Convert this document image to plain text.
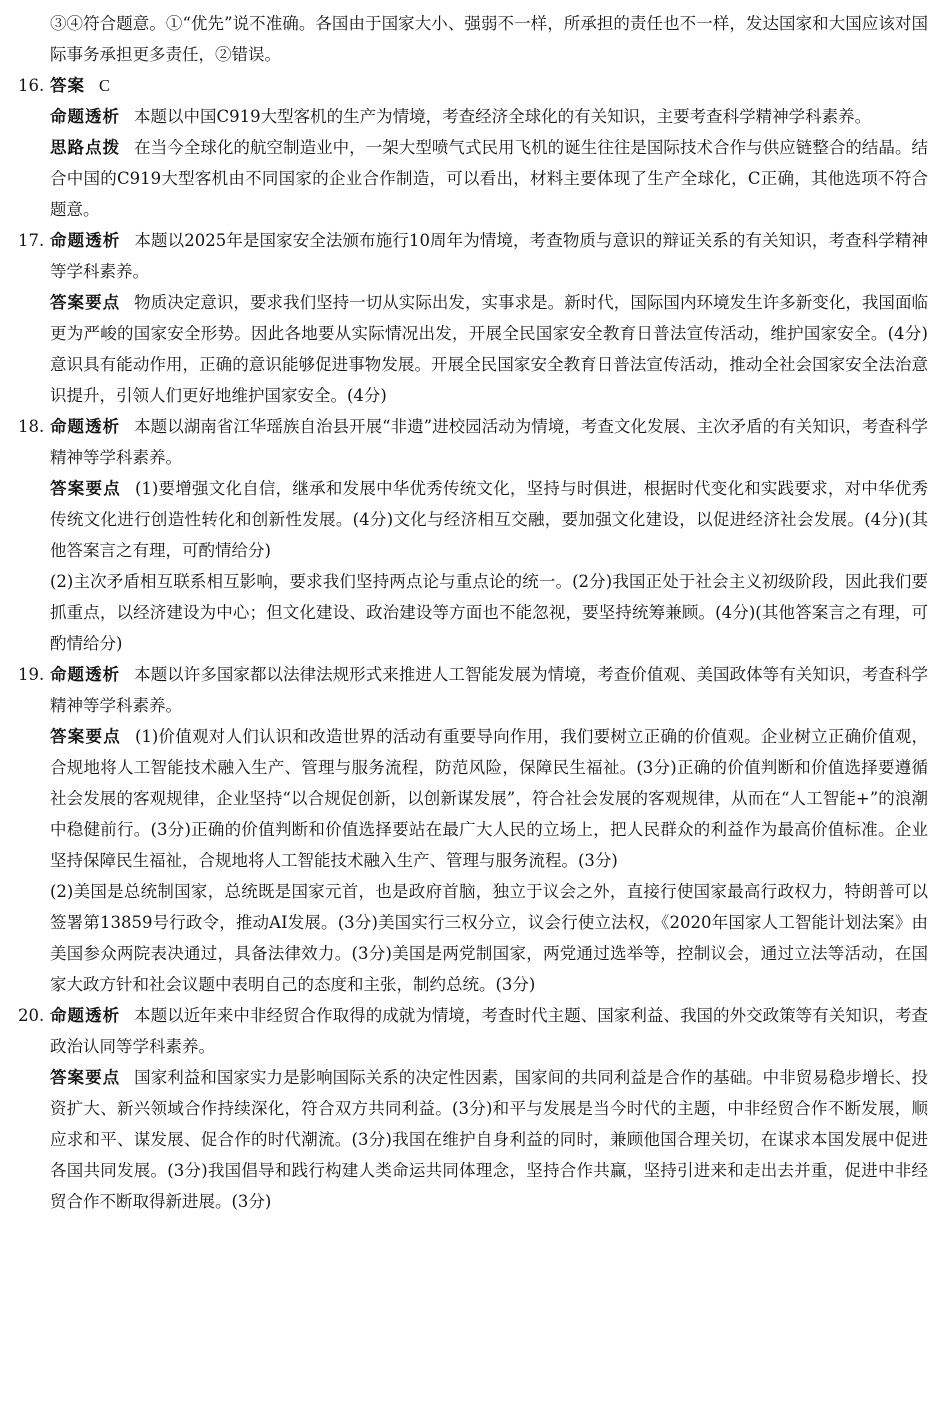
③④符合题意。①“优先”说不准确。各国由于国家大小、强弱不一样，所承担的责任也不一样，发达国家和大国应该对国际事务承担更多责任，②错误。
16. 答案 C
命题透析 本题以中国C919大型客机的生产为情境，考查经济全球化的有关知识，主要考查科学精神学科素养。
思路点拨 在当今全球化的航空制造业中，一架大型喷气式民用飞机的诞生往往是国际技术合作与供应链整合的结晶。结合中国的C919大型客机由不同国家的企业合作制造，可以看出，材料主要体现了生产全球化，C正确，其他选项不符合题意。
17. 命题透析 本题以2025年是国家安全法颁布施行10周年为情境，考查物质与意识的辩证关系的有关知识，考查科学精神等学科素养。
答案要点 物质决定意识，要求我们坚持一切从实际出发，实事求是。新时代，国际国内环境发生许多新变化，我国面临更为严峻的国家安全形势。因此各地要从实际情况出发，开展全民国家安全教育日普法宣传活动，维护国家安全。(4分)意识具有能动作用，正确的意识能够促进事物发展。开展全民国家安全教育日普法宣传活动，推动全社会国家安全法治意识提升，引领人们更好地维护国家安全。(4分)
18. 命题透析 本题以湖南省江华瑶族自治县开展“非遗”进校园活动为情境，考查文化发展、主次矛盾的有关知识，考查科学精神等学科素养。
答案要点 (1)要增强文化自信，继承和发展中华优秀传统文化，坚持与时俱进，根据时代变化和实践要求，对中华优秀传统文化进行创造性转化和创新性发展。(4分)文化与经济相互交融，要加强文化建设，以促进经济社会发展。(4分)(其他答案言之有理，可酌情给分)
(2)主次矛盾相互联系相互影响，要求我们坚持两点论与重点论的统一。(2分)我国正处于社会主义初级阶段，因此我们要抓重点，以经济建设为中心；但文化建设、政治建设等方面也不能忽视，要坚持统筹兼顾。(4分)(其他答案言之有理，可酌情给分)
19. 命题透析 本题以许多国家都以法律法规形式来推进人工智能发展为情境，考查价值观、美国政体等有关知识，考查科学精神等学科素养。
答案要点 (1)价值观对人们认识和改造世界的活动有重要导向作用，我们要树立正确的价值观。企业树立正确价值观，合规地将人工智能技术融入生产、管理与服务流程，防范风险，保障民生福祉。(3分)正确的价值判断和价值选择要遵循社会发展的客观规律，企业坚持“以合规促创新，以创新谋发展”，符合社会发展的客观规律，从而在“人工智能+”的浪潮中稳健前行。(3分)正确的价值判断和价值选择要站在最广大人民的立场上，把人民群众的利益作为最高价值标准。企业坚持保障民生福祉，合规地将人工智能技术融入生产、管理与服务流程。(3分)
(2)美国是总统制国家，总统既是国家元首，也是政府首脑，独立于议会之外，直接行使国家最高行政权力，特朗普可以签署第13859号行政令，推动AI发展。(3分)美国实行三权分立，议会行使立法权，《2020年国家人工智能计划法案》由美国参众两院表决通过，具备法律效力。(3分)美国是两党制国家，两党通过选举等，控制议会，通过立法等活动，在国家大政方针和社会议题中表明自己的态度和主张，制约总统。(3分)
20. 命题透析 本题以近年来中非经贸合作取得的成就为情境，考查时代主题、国家利益、我国的外交政策等有关知识，考查政治认同等学科素养。
答案要点 国家利益和国家实力是影响国际关系的决定性因素，国家间的共同利益是合作的基础。中非贸易稳步增长、投资扩大、新兴领域合作持续深化，符合双方共同利益。(3分)和平与发展是当今时代的主题，中非经贸合作不断发展，顺应求和平、谋发展、促合作的时代潮流。(3分)我国在维护自身利益的同时，兼顾他国合理关切，在谋求本国发展中促进各国共同发展。(3分)我国倡导和践行构建人类命运共同体理念，坚持合作共赢，坚持引进来和走出去并重，促进中非经贸合作不断取得新进展。(3分)
